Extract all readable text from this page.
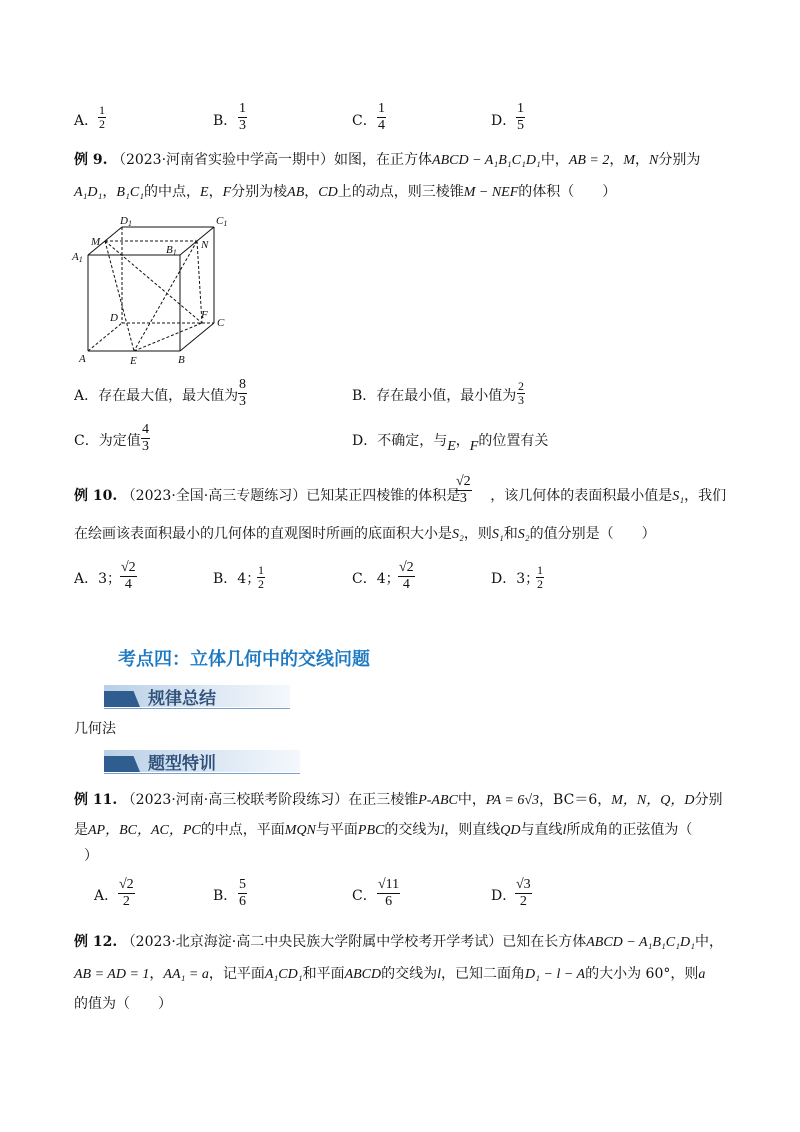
A．
1
2	B．
1
3	C．
1
4	D．
1
5
例 9. （2023·河南省实验中学高一期中）如图，在正方体ABCD − A₁B₁C₁D₁中，AB = 2，M，N分别为
A₁D₁，B₁C₁的中点，E，F分别为棱AB，CD上的动点，则三棱锥M − NEF的体积（　　）
D1	C1
M
A1
B1
N
D	F
C
A	E	B
A．存在最大值，最大值为
8
3	B．存在最小值，最小值为
2
3
C．为定值
4
3	D．不确定，与E，F的位置有关
例 10. （2023·全国·高三专题练习）已知某正四棱锥的体积是 ，该几何体的表面积最小值是S₁，我们
√2
3
在绘画该表面积最小的几何体的直观图时所画的底面积大小是S₂，则S₁和S₂的值分别是（　　）
A．3；
√2
4	B．4；
1
2	C．4；
√2
4	D．3；
1
2
考点四：立体几何中的交线问题
规律总结
几何法
题型特训
例 11. （2023·河南·高三校联考阶段练习）在正三棱锥P-ABC中，PA = 6√3，BC＝6，M，N，Q，D分别
是AP，BC，AC，PC的中点，平面MQN与平面PBC的交线为l，则直线QD与直线l所成角的正弦值为（
）
A．
√2
2	B．
5
6	C．
√11
6	D．
√3
2
例 12. （2023·北京海淀·高二中央民族大学附属中学校考开学考试）已知在长方体ABCD − A₁B₁C₁D₁中，
AB = AD = 1，AA₁ = a，记平面A₁CD₁和平面ABCD的交线为l，已知二面角D₁ − l − A的大小为 60°，则a
的值为（　　）
